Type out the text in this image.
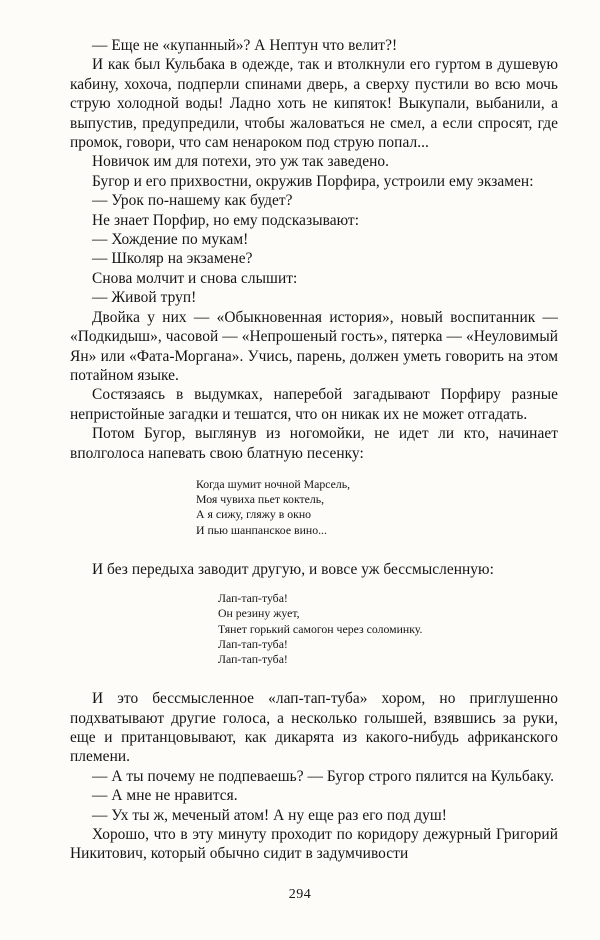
— Еще не «купанный»? А Нептун что велит?!

И как был Кульбака в одежде, так и втолкнули его гуртом в душевую кабину, хохоча, подперли спинами дверь, а сверху пустили во всю мочь струю холодной воды! Ладно хоть не кипяток! Выкупали, выбанили, а выпустив, предупредили, чтобы жаловаться не смел, а если спросят, где промок, говори, что сам ненароком под струю попал...

Новичок им для потехи, это уж так заведено.

Бугор и его прихвостни, окружив Порфира, устроили ему экзамен:

— Урок по-нашему как будет?

Не знает Порфир, но ему подсказывают:

— Хождение по мукам!

— Школяр на экзамене?

Снова молчит и снова слышит:

— Живой труп!

Двойка у них — «Обыкновенная история», новый воспитанник — «Подкидыш», часовой — «Непрошеный гость», пятерка — «Неуловимый Ян» или «Фата-Моргана». Учись, парень, должен уметь говорить на этом потайном языке.

Состязаясь в выдумках, наперебой загадывают Порфиру разные непристойные загадки и тешатся, что он никак их не может отгадать.

Потом Бугор, выглянув из ногомойки, не идет ли кто, начинает вполголоса напевать свою блатную песенку:

Когда шумит ночной Марсель,
Моя чувиха пьет коктель,
А я сижу, гляжу в окно
И пью шанпанское вино...

И без передыха заводит другую, и вовсе уж бессмысленную:

Лап-тап-туба!
Он резину жует,
Тянет горький самогон через соломинку.
Лап-тап-туба!
Лап-тап-туба!

И это бессмысленное «лап-тап-туба» хором, но приглушенно подхватывают другие голоса, а несколько голышей, взявшись за руки, еще и пританцовывают, как дикарята из какого-нибудь африканского племени.

— А ты почему не подпеваешь? — Бугор строго пялится на Кульбаку.

— А мне не нравится.

— Ух ты ж, меченый атом! А ну еще раз его под душ!

Хорошо, что в эту минуту проходит по коридору дежурный Григорий Никитович, который обычно сидит в задумчивости

294
